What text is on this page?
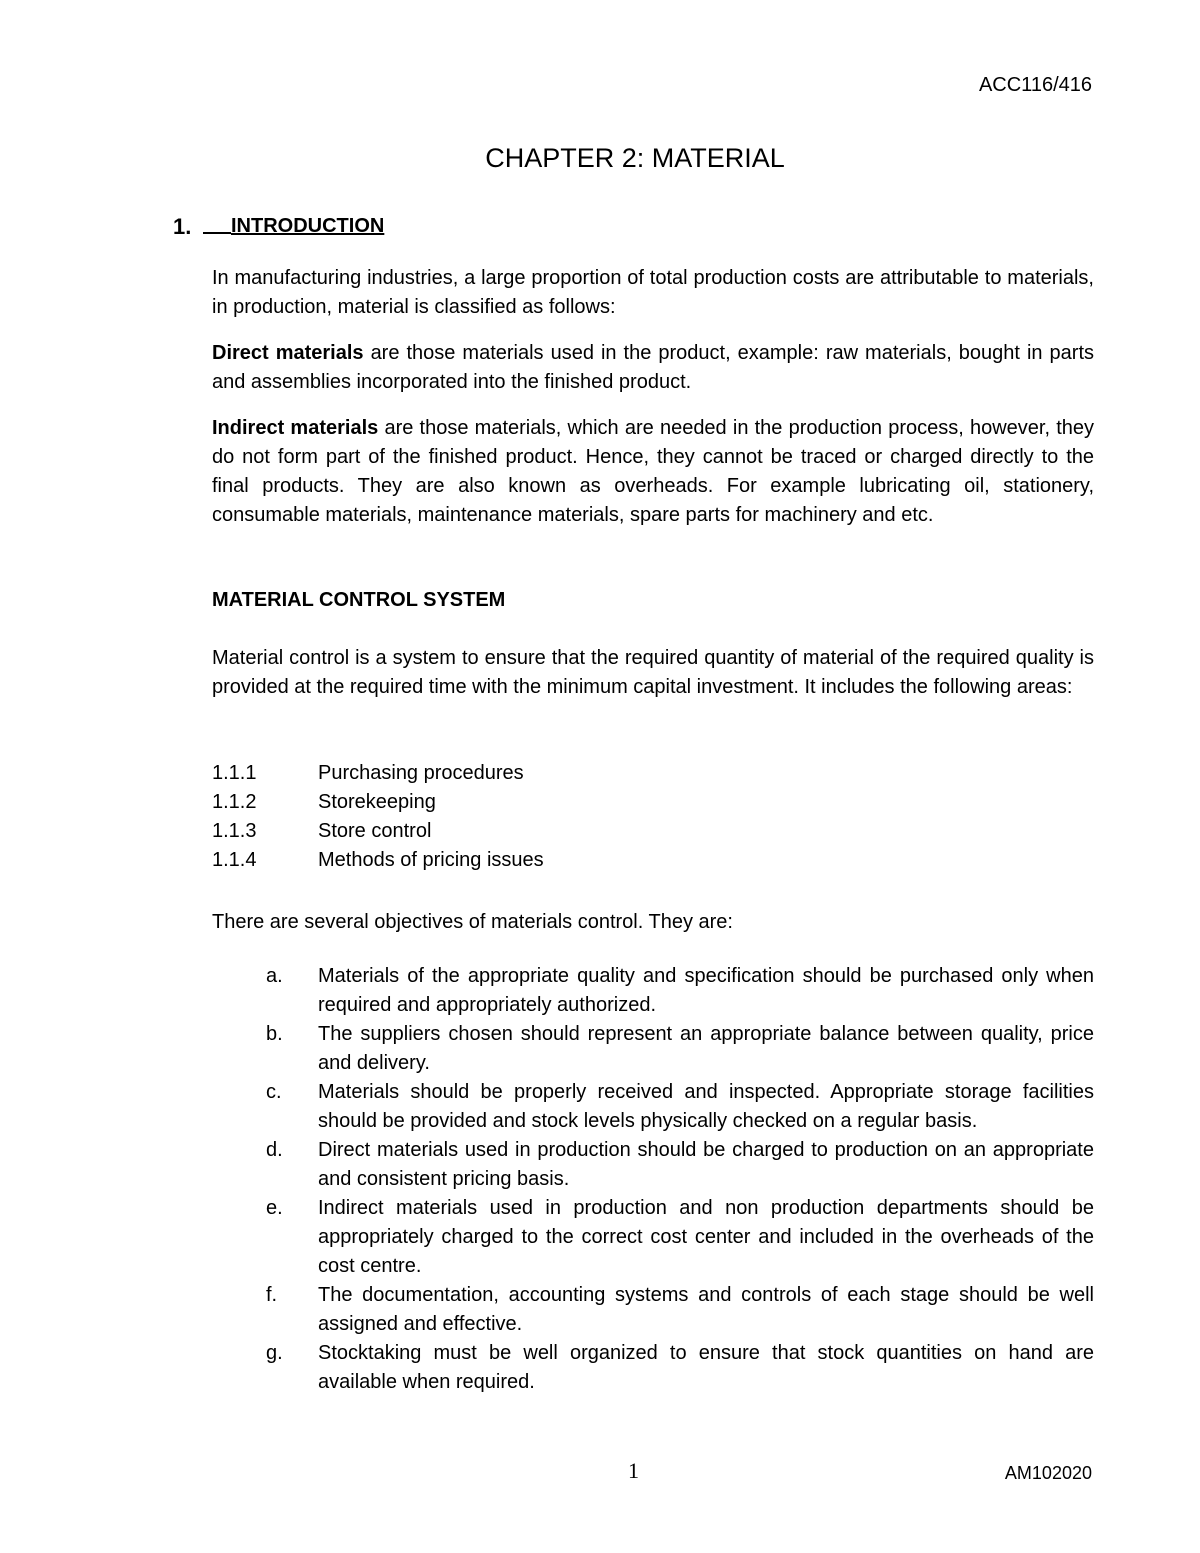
ACC116/416
CHAPTER 2: MATERIAL
1.	INTRODUCTION
In manufacturing industries, a large proportion of total production costs are attributable to materials, in production, material is classified as follows:
Direct materials are those materials used in the product, example: raw materials, bought in parts and assemblies incorporated into the finished product.
Indirect materials are those materials, which are needed in the production process, however, they do not form part of the finished product. Hence, they cannot be traced or charged directly to the final products. They are also known as overheads. For example lubricating oil, stationery, consumable materials, maintenance materials, spare parts for machinery and etc.
MATERIAL CONTROL SYSTEM
Material control is a system to ensure that the required quantity of material of the required quality is provided at the required time with the minimum capital investment. It includes the following areas:
1.1.1	Purchasing procedures
1.1.2	Storekeeping
1.1.3	Store control
1.1.4	Methods of pricing issues
There are several objectives of materials control. They are:
a.	Materials of the appropriate quality and specification should be purchased only when required and appropriately authorized.
b.	The suppliers chosen should represent an appropriate balance between quality, price and delivery.
c.	Materials should be properly received and inspected. Appropriate storage facilities should be provided and stock levels physically checked on a regular basis.
d.	Direct materials used in production should be charged to production on an appropriate and consistent pricing basis.
e.	Indirect materials used in production and non production departments should be appropriately charged to the correct cost center and included in the overheads of the cost centre.
f.	The documentation, accounting systems and controls of each stage should be well assigned and effective.
g.	Stocktaking must be well organized to ensure that stock quantities on hand are available when required.
1	AM102020
